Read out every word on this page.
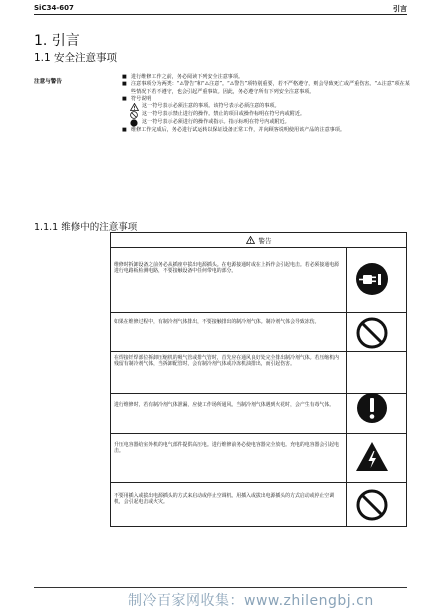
SiC34-607	引言
1. 引言
1.1 安全注意事项
注意与警告
■ 进行维修工作之前，务必阅读下列安全注意事项。
■ 注意事项分为两类：“⚠警告”和“⚠注意”。“⚠警告”项特别重要，若不严格遵守，则会导致死亡或严重伤害。“⚠注意”项在某些情况下若不遵守，也会引起严重事故。因此，务必遵守所有下列安全注意事项。
■ 符号说明
这一符号表示必须注意的事项。该符号表示必须注意的事项。
这一符号表示禁止进行的操作。禁止的项目或操作标明在符号内或附近。
这一符号表示必须进行的操作或指示。指示标明在符号内或附近。
■ 维修工作完成后，务必进行试运转以保证设备正常工作，并向顾客说明使用该产品的注意事项。
1.1.1 维修中的注意事项
警告
维修时拆卸设备之前务必从插座中拔出电源插头。在电源接通时或在上拆作会引起电击。若必须接通电源进行电路板检测电路，不要接触设备中任何带电的部分。
如果在维修过程中，有制冷剂气体排出，不要接触排出的制冷剂气体。制冷剂气体会导致冻伤。
在焊接钎焊部位拆卸压缩机的吸气管或排气管时，首先应在通风良好处完全排出制冷剂气体。若压缩机内残留有制冷剂气体，当拆卸配管时，会有制冷剂气体或冷冻机油排出，而引起伤害。
进行维修时，若有制冷剂气体泄漏，应使工作场所通风。当制冷剂气体遇到火花时，会产生有毒气体。
升压电容器给室外机的电气部件提供高压电。进行维修前务必使电容器完全放电。充电的电容器会引起电击。
不要用插入或拔出电源插头的方式来启动或停止空调机。用插入或拔出电源插头的方式启动或停止空调机，会引起电击或火灾。
制冷百家网收集：www.zhilengbj.cn
